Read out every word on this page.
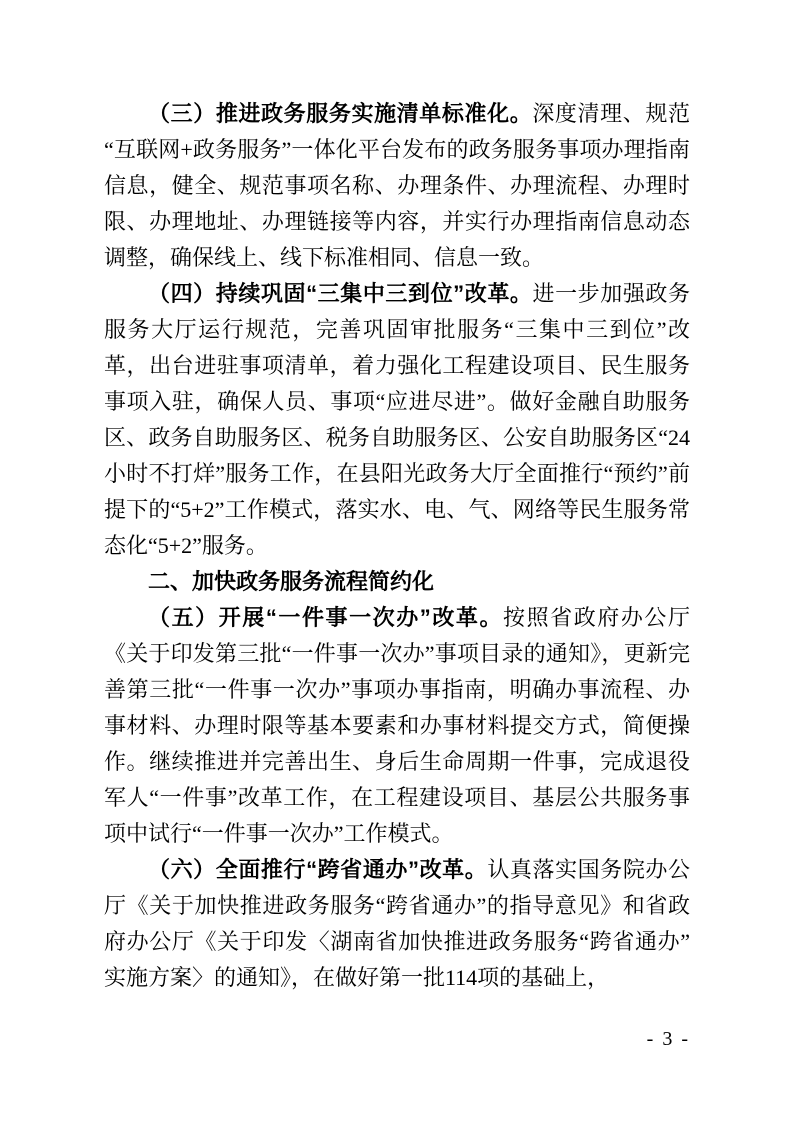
（三）推进政务服务实施清单标准化。深度清理、规范“互联网+政务服务”一体化平台发布的政务服务事项办理指南信息，健全、规范事项名称、办理条件、办理流程、办理时限、办理地址、办理链接等内容，并实行办理指南信息动态调整，确保线上、线下标准相同、信息一致。

（四）持续巩固“三集中三到位”改革。进一步加强政务服务大厅运行规范，完善巩固审批服务“三集中三到位”改革，出台进驻事项清单，着力强化工程建设项目、民生服务事项入驻，确保人员、事项“应进尽进”。做好金融自助服务区、政务自助服务区、税务自助服务区、公安自助服务区“24小时不打烊”服务工作，在县阳光政务大厅全面推行“预约”前提下的“5+2”工作模式，落实水、电、气、网络等民生服务常态化“5+2”服务。

二、加快政务服务流程简约化

（五）开展“一件事一次办”改革。按照省政府办公厅《关于印发第三批“一件事一次办”事项目录的通知》，更新完善第三批“一件事一次办”事项办事指南，明确办事流程、办事材料、办理时限等基本要素和办事材料提交方式，简便操作。继续推进并完善出生、身后生命周期一件事，完成退役军人“一件事”改革工作，在工程建设项目、基层公共服务事项中试行“一件事一次办”工作模式。

（六）全面推行“跨省通办”改革。认真落实国务院办公厅《关于加快推进政务服务“跨省通办”的指导意见》和省政府办公厅《关于印发〈湖南省加快推进政务服务“跨省通办”实施方案〉的通知》，在做好第一批114项的基础上，

- 3 -
